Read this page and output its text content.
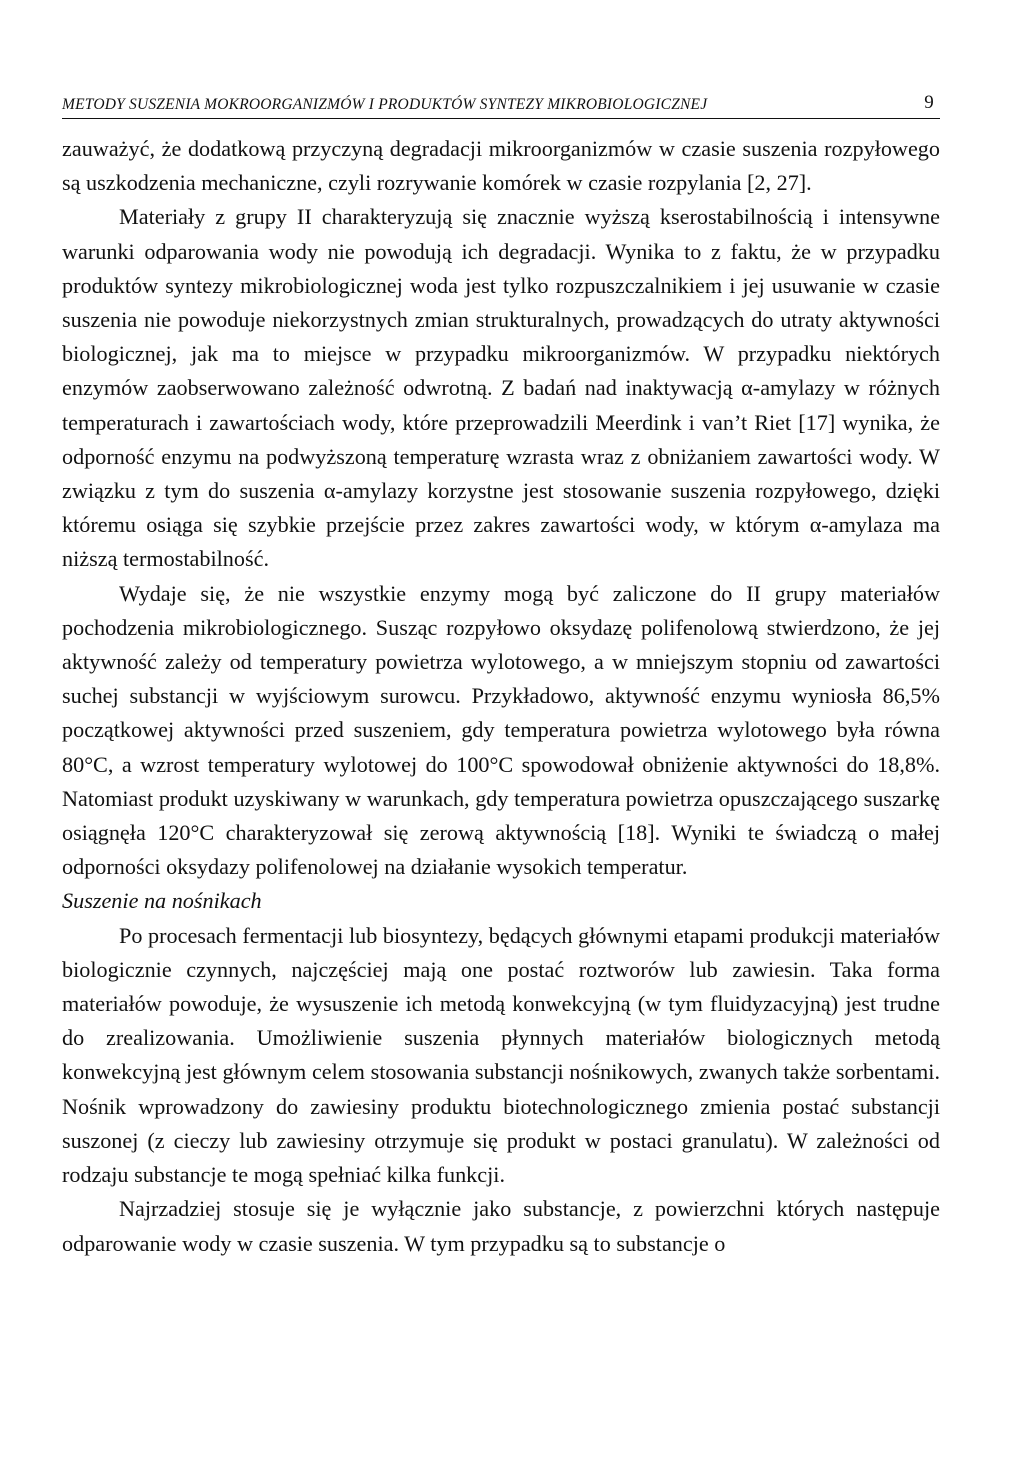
METODY SUSZENIA MOKROORGANIZMÓW I PRODUKTÓW SYNTEZY MIKROBIOLOGICZNEJ	9

zauważyć, że dodatkową przyczyną degradacji mikroorganizmów w czasie suszenia rozpyłowego są uszkodzenia mechaniczne, czyli rozrywanie komórek w czasie rozpylania [2, 27].

Materiały z grupy II charakteryzują się znacznie wyższą kserostabilnością i intensywne warunki odparowania wody nie powodują ich degradacji. Wynika to z faktu, że w przypadku produktów syntezy mikrobiologicznej woda jest tylko rozpuszczalnikiem i jej usuwanie w czasie suszenia nie powoduje niekorzystnych zmian strukturalnych, prowadzących do utraty aktywności biologicznej, jak ma to miejsce w przypadku mikroorganizmów. W przypadku niektórych enzymów zaobserwowano zależność odwrotną. Z badań nad inaktywacją α-amylazy w różnych temperaturach i zawartościach wody, które przeprowadzili Meerdink i van’t Riet [17] wynika, że odporność enzymu na podwyższoną temperaturę wzrasta wraz z obniżaniem zawartości wody. W związku z tym do suszenia α-amylazy korzystne jest stosowanie suszenia rozpyłowego, dzięki któremu osiąga się szybkie przejście przez zakres zawartości wody, w którym α-amylaza ma niższą termostabilność.

Wydaje się, że nie wszystkie enzymy mogą być zaliczone do II grupy materiałów pochodzenia mikrobiologicznego. Susząc rozpyłowo oksydazę polifenolową stwierdzono, że jej aktywność zależy od temperatury powietrza wylotowego, a w mniejszym stopniu od zawartości suchej substancji w wyjściowym surowcu. Przykładowo, aktywność enzymu wyniosła 86,5% początkowej aktywności przed suszeniem, gdy temperatura powietrza wylotowego była równa 80°C, a wzrost temperatury wylotowej do 100°C spowodował obniżenie aktywności do 18,8%. Natomiast produkt uzyskiwany w warunkach, gdy temperatura powietrza opuszczającego suszarkę osiągnęła 120°C charakteryzował się zerową aktywnością [18]. Wyniki te świadczą o małej odporności oksydazy polifenolowej na działanie wysokich temperatur.

Suszenie na nośnikach

Po procesach fermentacji lub biosyntezy, będących głównymi etapami produkcji materiałów biologicznie czynnych, najczęściej mają one postać roztworów lub zawiesin. Taka forma materiałów powoduje, że wysuszenie ich metodą konwekcyjną (w tym fluidyzacyjną) jest trudne do zrealizowania. Umożliwienie suszenia płynnych materiałów biologicznych metodą konwekcyjną jest głównym celem stosowania substancji nośnikowych, zwanych także sorbentami. Nośnik wprowadzony do zawiesiny produktu biotechnologicznego zmienia postać substancji suszonej (z cieczy lub zawiesiny otrzymuje się produkt w postaci granulatu). W zależności od rodzaju substancje te mogą spełniać kilka funkcji.

Najrzadziej stosuje się je wyłącznie jako substancje, z powierzchni których następuje odparowanie wody w czasie suszenia. W tym przypadku są to substancje o
